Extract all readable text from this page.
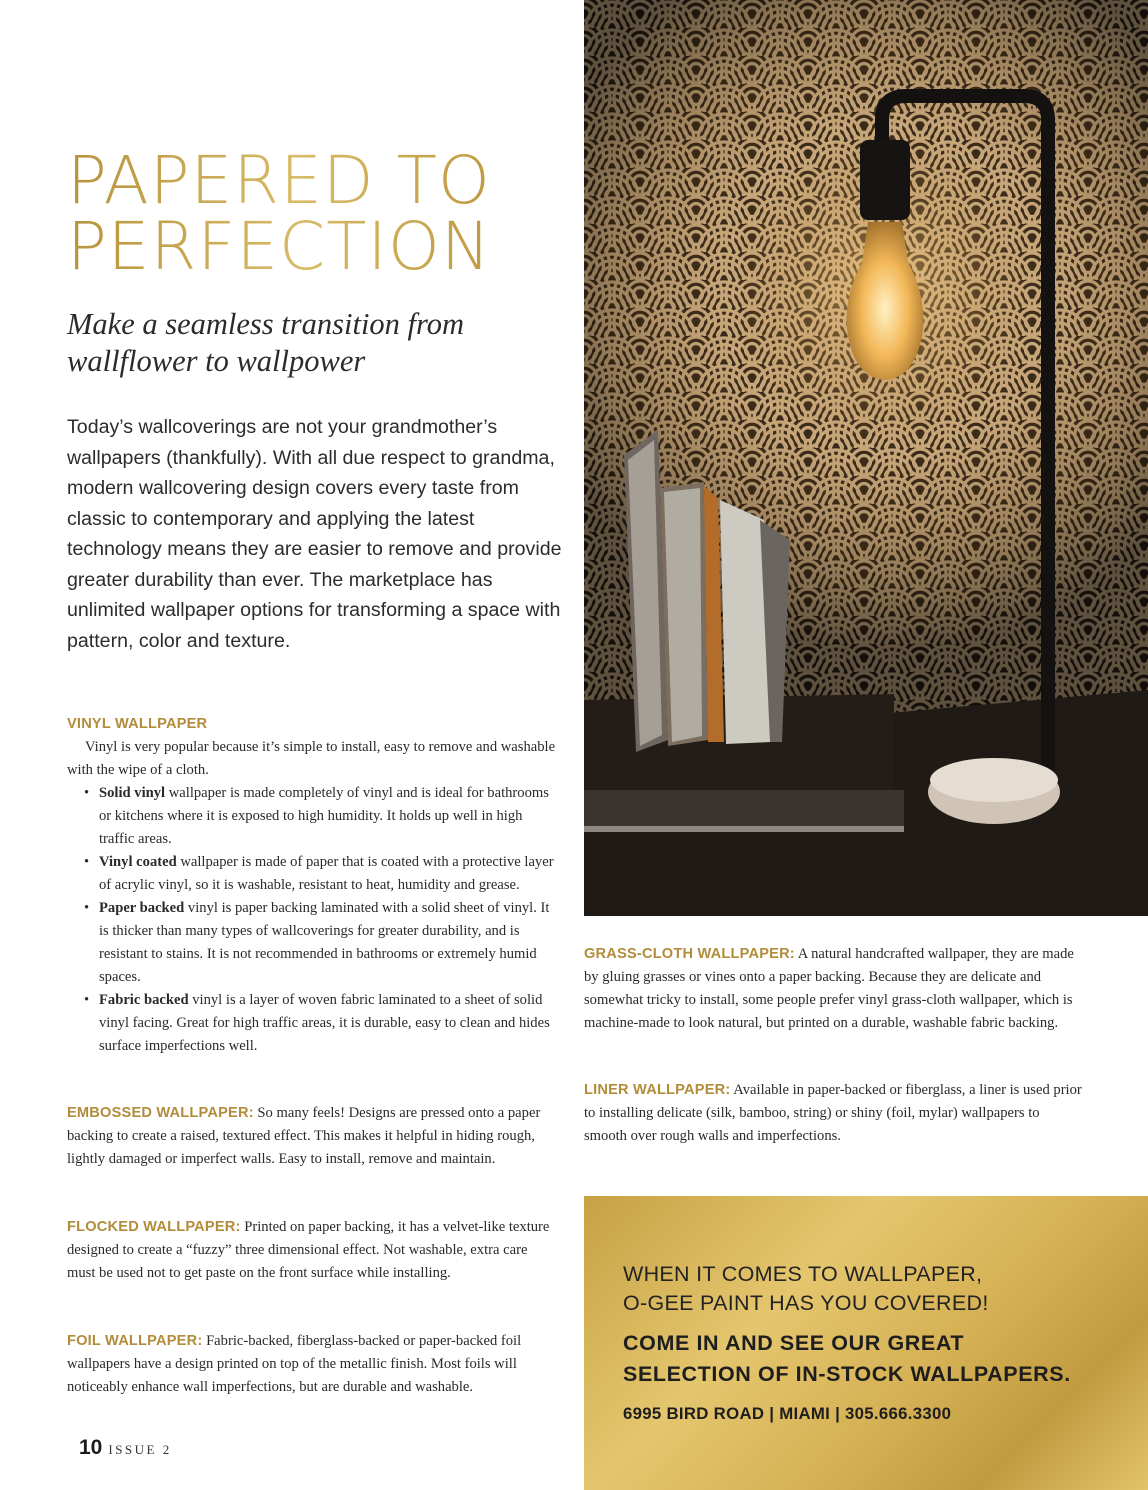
PAPERED TO
PERFECTION

Make a seamless transition from wallflower to wallpower

Today’s wallcoverings are not your grandmother’s wallpapers (thankfully). With all due respect to grandma, modern wallcovering design covers every taste from classic to contemporary and applying the latest technology means they are easier to remove and provide greater durability than ever. The marketplace has unlimited wallpaper options for transforming a space with pattern, color and texture.

VINYL WALLPAPER

Vinyl is very popular because it’s simple to install, easy to remove and washable with the wipe of a cloth.

• Solid vinyl wallpaper is made completely of vinyl and is ideal for bathrooms or kitchens where it is exposed to high humidity. It holds up well in high traffic areas.
• Vinyl coated wallpaper is made of paper that is coated with a protective layer of acrylic vinyl, so it is washable, resistant to heat, humidity and grease.
• Paper backed vinyl is paper backing laminated with a solid sheet of vinyl. It is thicker than many types of wallcoverings for greater durability, and is resistant to stains. It is not recommended in bathrooms or extremely humid spaces.
• Fabric backed vinyl is a layer of woven fabric laminated to a sheet of solid vinyl facing. Great for high traffic areas, it is durable, easy to clean and hides surface imperfections well.

EMBOSSED WALLPAPER: So many feels! Designs are pressed onto a paper backing to create a raised, textured effect. This makes it helpful in hiding rough, lightly damaged or imperfect walls. Easy to install, remove and maintain.

FLOCKED WALLPAPER: Printed on paper backing, it has a velvet-like texture designed to create a “fuzzy” three dimensional effect. Not washable, extra care must be used not to get paste on the front surface while installing.

FOIL WALLPAPER: Fabric-backed, fiberglass-backed or paper-backed foil wallpapers have a design printed on top of the metallic finish. Most foils will noticeably enhance wall imperfections, but are durable and washable.

10 ISSUE 2

GRASS-CLOTH WALLPAPER: A natural handcrafted wallpaper, they are made by gluing grasses or vines onto a paper backing. Because they are delicate and somewhat tricky to install, some people prefer vinyl grass-cloth wallpaper, which is machine-made to look natural, but printed on a durable, washable fabric backing.

LINER WALLPAPER: Available in paper-backed or fiberglass, a liner is used prior to installing delicate (silk, bamboo, string) or shiny (foil, mylar) wallpapers to smooth over rough walls and imperfections.

WHEN IT COMES TO WALLPAPER,
O-GEE PAINT HAS YOU COVERED!

COME IN AND SEE OUR GREAT
SELECTION OF IN-STOCK WALLPAPERS.

6995 BIRD ROAD | MIAMI | 305.666.3300
